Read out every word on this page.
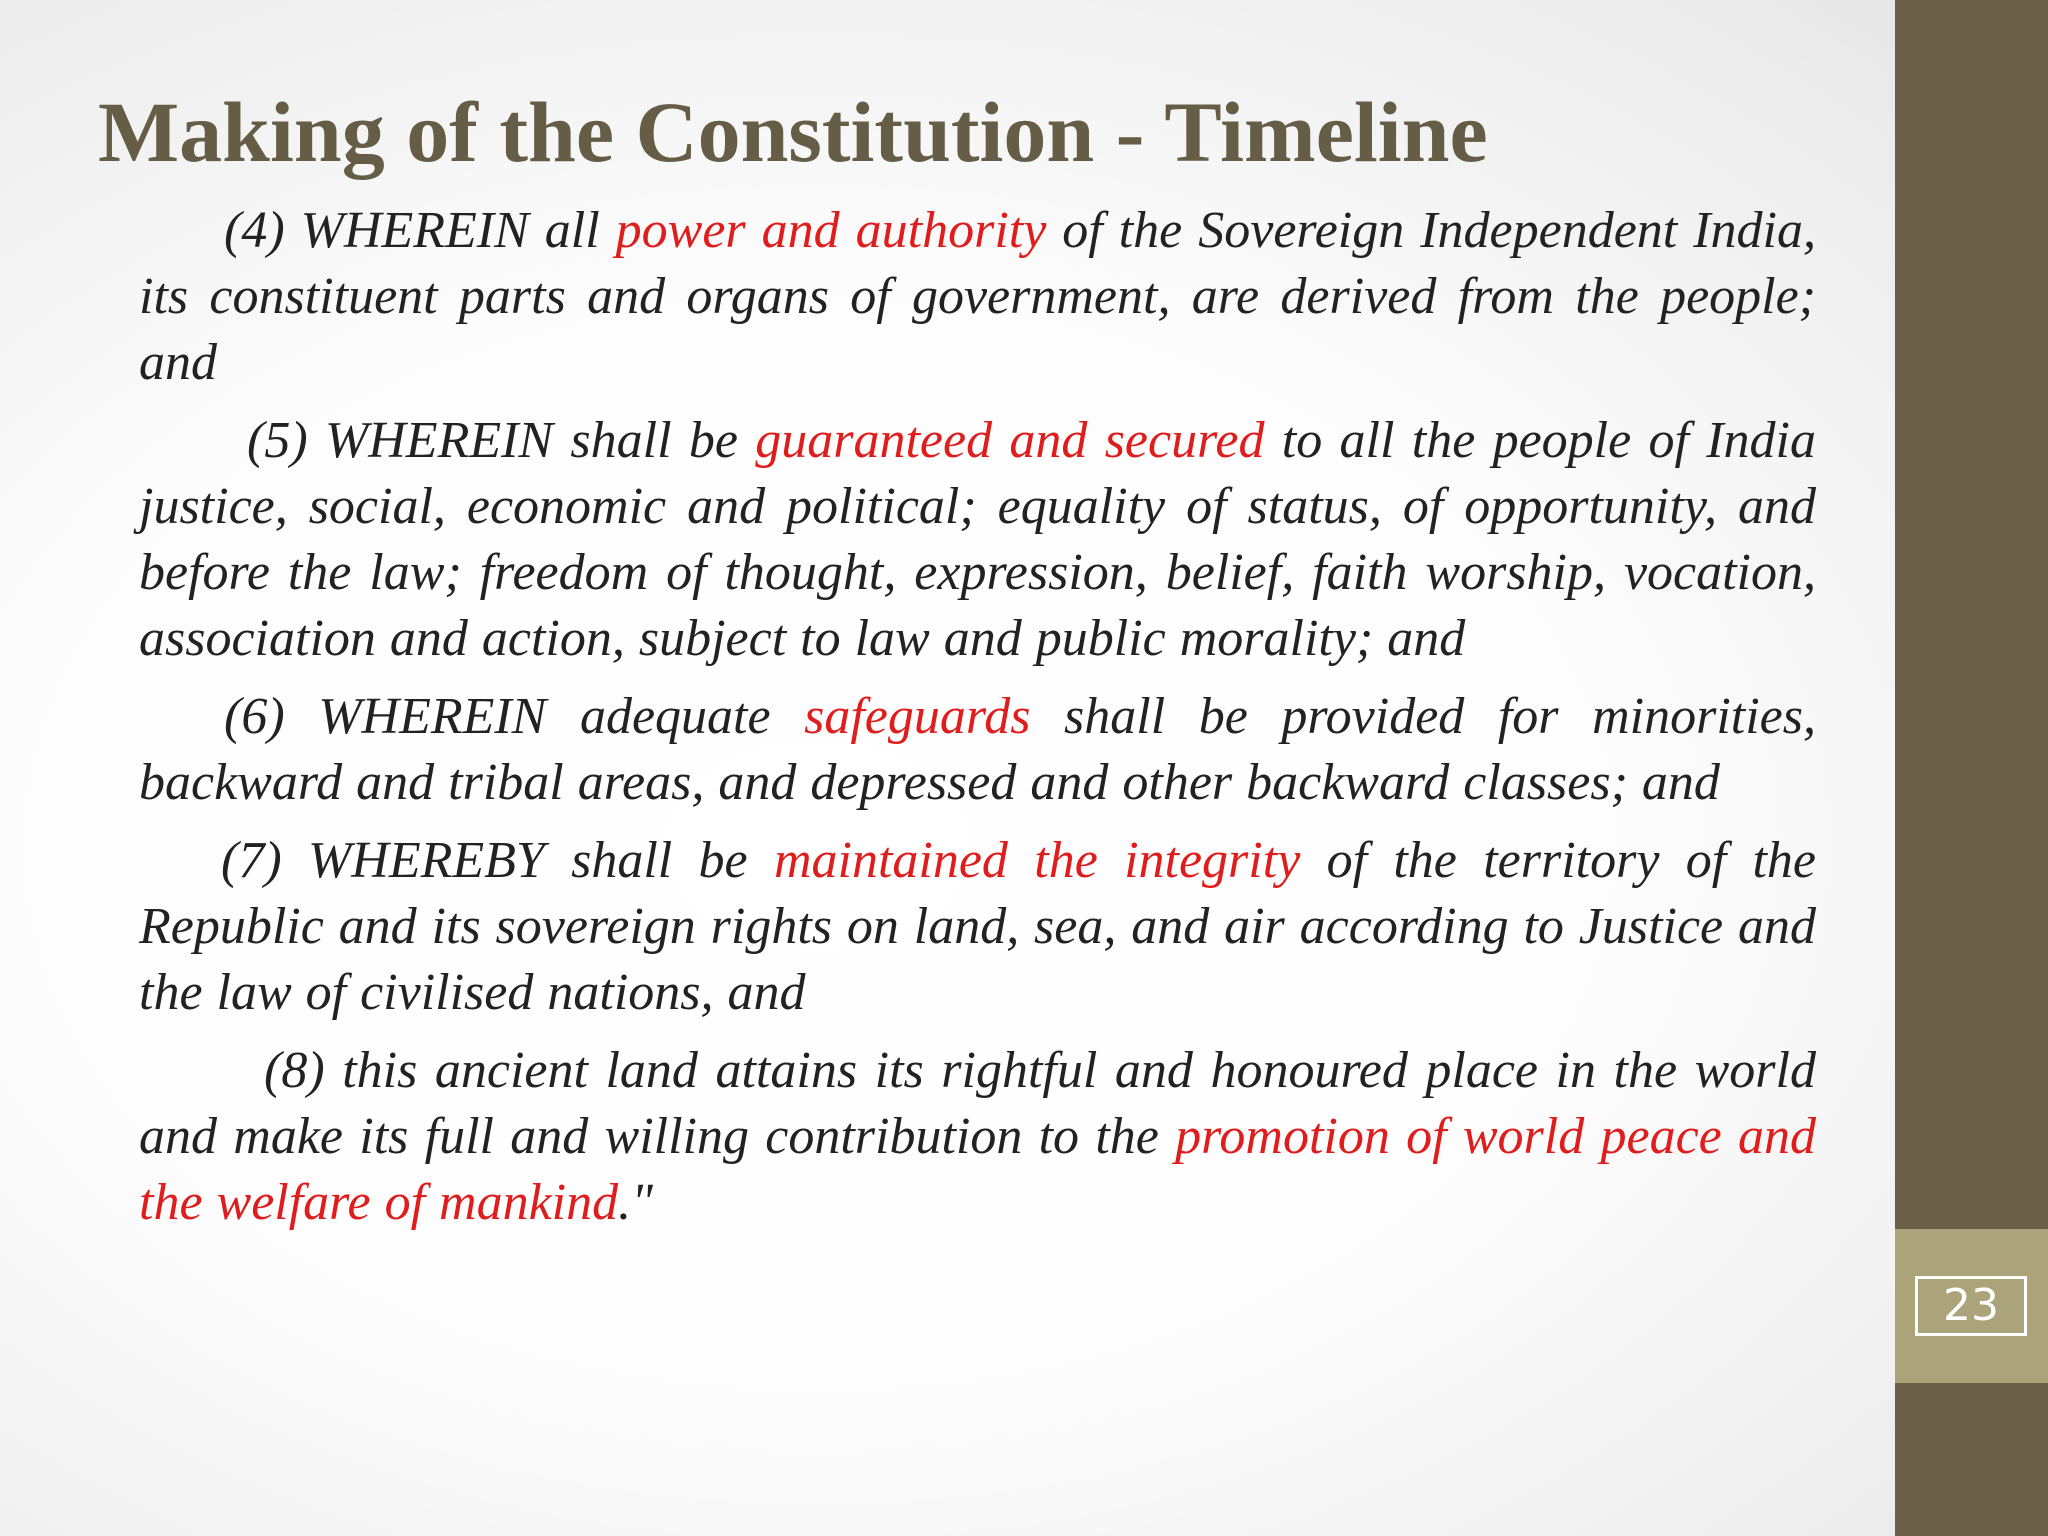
23
Making of the Constitution - Timeline

(4) WHEREIN all power and authority of the Sovereign Independent India, its constituent parts and organs of government, are derived from the people; and

(5) WHEREIN shall be guaranteed and secured to all the people of India justice, social, economic and political; equality of status, of opportunity, and before the law; freedom of thought, expression, belief, faith worship, vocation, association and action, subject to law and public morality; and

(6) WHEREIN adequate safeguards shall be provided for minorities, backward and tribal areas, and depressed and other backward classes; and

(7) WHEREBY shall be maintained the integrity of the territory of the Republic and its sovereign rights on land, sea, and air according to Justice and the law of civilised nations, and

(8) this ancient land attains its rightful and honoured place in the world and make its full and willing contribution to the promotion of world peace and the welfare of mankind."
